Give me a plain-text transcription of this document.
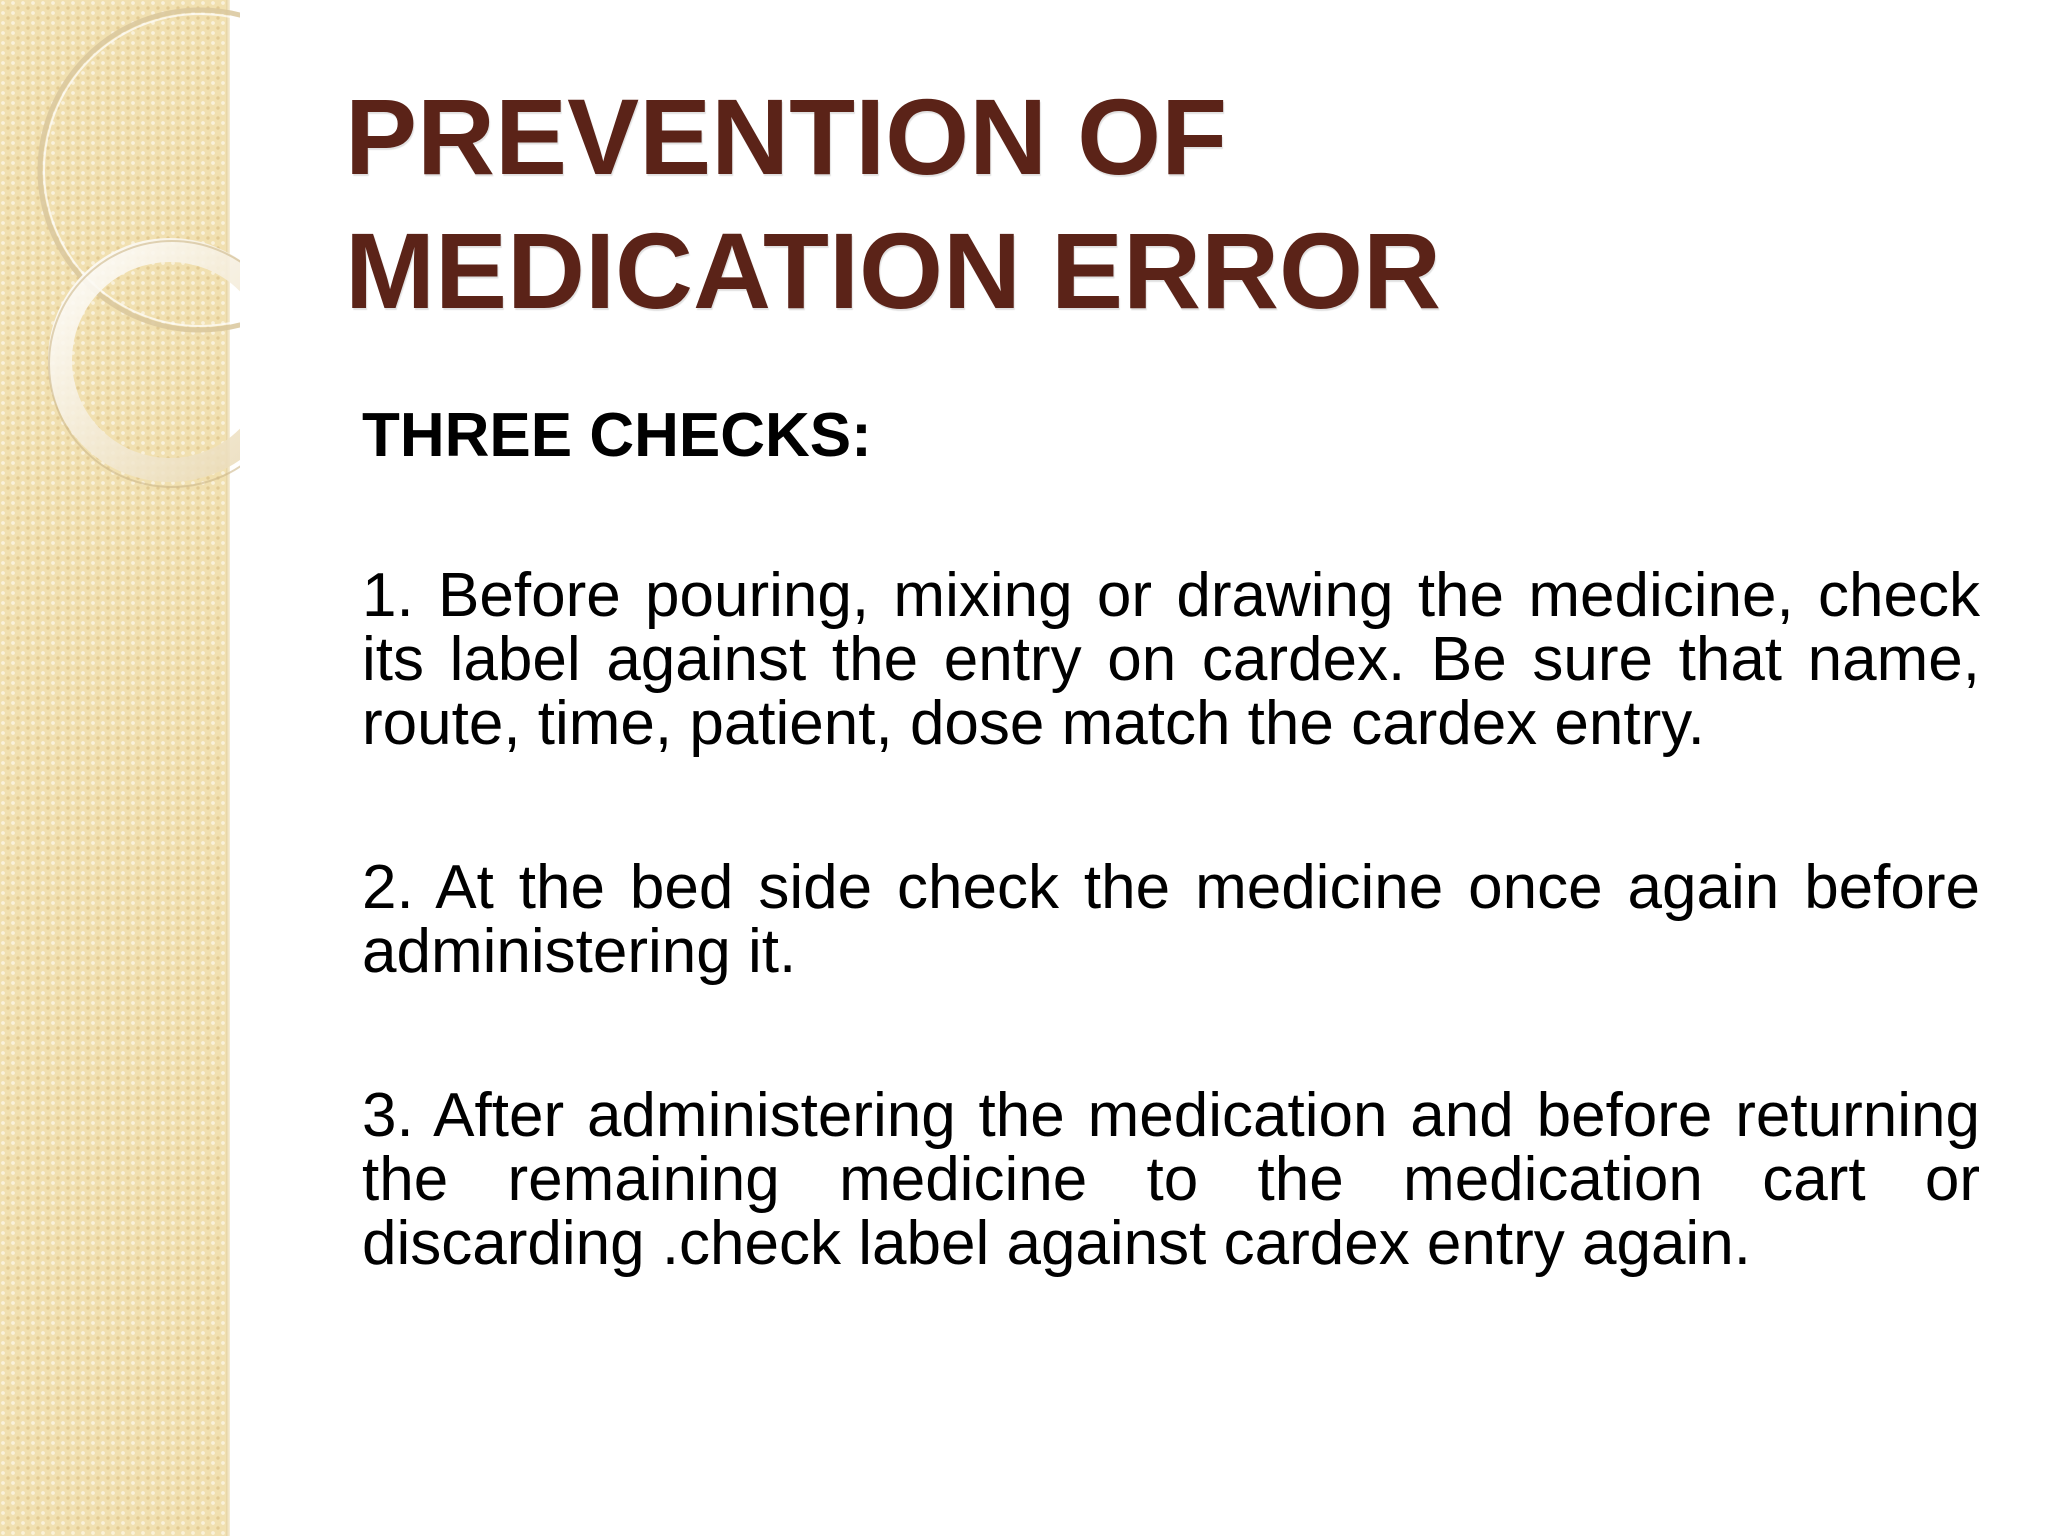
PREVENTION OF
MEDICATION ERROR

THREE CHECKS:

1. Before pouring, mixing or drawing the medicine, check its label against the entry on cardex. Be sure that name, route, time, patient, dose match the cardex entry.

2. At the bed side check the medicine once again before administering it.

3. After administering the medication and before returning the remaining medicine to the medication cart or discarding .check label against cardex entry again.
